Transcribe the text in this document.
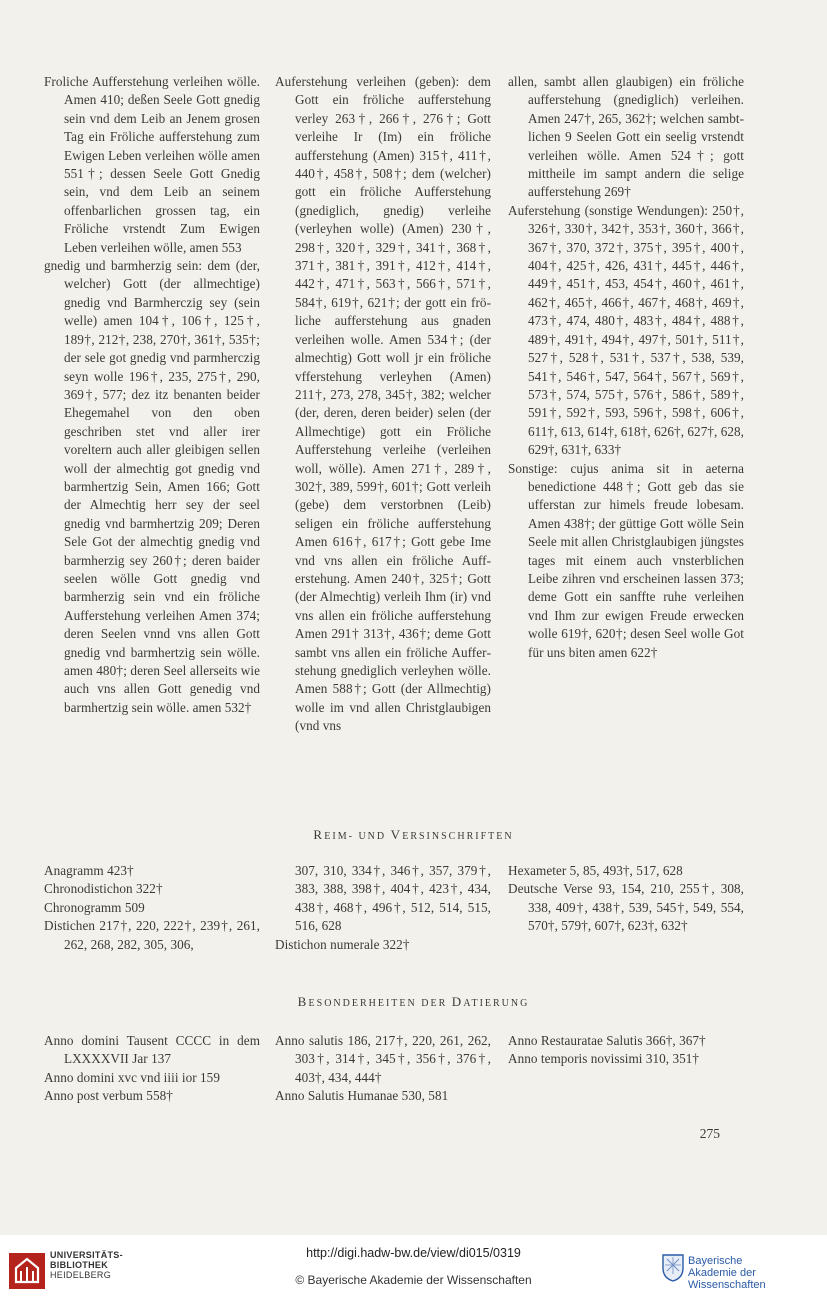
Froliche Aufferstehung verleihen wölle. Amen 410; deßen Seele Gott gnedig sein vnd dem Leib an Jenem grosen Tag ein Fröliche aufferstehung zum Ewigen Leben verleihen wölle amen 551†; dessen Seele Gott Gnedig sein, vnd dem Leib an seinem offenbarlichen grossen tag, ein Fröliche vrstendt Zum Ewigen Leben verleihen wölle, amen 553

gnedig und barmherzig sein: dem (der, welcher) Gott (der allmechtige) gnedig vnd Barmherczig sey (sein welle) amen 104†, 106†, 125†, 189†, 212†, 238, 270†, 361†, 535†; der sele got gnedig vnd parmherczig seyn wolle 196†, 235, 275†, 290, 369†, 577; dez itz benanten beider Ehegemahel von den oben geschriben stet vnd aller irer voreltern auch aller gleibigen sellen woll der almechtig got gnedig vnd barmhertzig Sein, Amen 166; Gott der Almechtig herr sey der seel gnedig vnd barmhertzig 209; Deren Sele Got der almechtig gnedig vnd barmherzig sey 260†; deren baider seelen wölle Gott gnedig vnd barmherzig sein vnd ein fröliche Aufferstehung verleihen Amen 374; deren Seelen vnnd vns allen Gott gnedig vnd barmhertzig sein wölle. amen 480†; deren Seel allerseits wie auch vns allen Gott genedig vnd barmhertzig sein wölle. amen 532†

Auferstehung verleihen (geben): dem Gott ein fröliche aufferstehung verley 263†, 266†, 276†; Gott verleihe Ir (Im) ein fröliche aufferstehung (Amen) 315†, 411†, 440†, 458†, 508†; dem (welcher) gott ein fröliche Aufferstehung (gnediglich, gnedig) verleihe (verleyhen wolle) (Amen) 230†, 298†, 320†, 329†, 341†, 368†, 371†, 381†, 391†, 412†, 414†, 442†, 471†, 563†, 566†, 571†, 584†, 619†, 621†; der gott ein fröliche aufferstehung aus gnaden verleihen wolle. Amen 534†; (der almechtig) Gott woll jr ein fröliche vfferstehung verleyhen (Amen) 211†, 273, 278, 345†, 382; welcher (der, deren, deren beider) selen (der Allmechtige) gott ein Fröliche Aufferstehung verleihe (verleihen woll, wölle). Amen 271†, 289†, 302†, 389, 599†, 601†; Gott verleih (gebe) dem verstorbnen (Leib) seligen ein fröliche aufferstehung Amen 616†, 617†; Gott gebe Ime vnd vns allen ein fröliche Aufferstehung. Amen 240†, 325†; Gott (der Almechtig) verleih Ihm (ir) vnd vns allen ein fröliche aufferstehung Amen 291† 313†, 436†; deme Gott sambt vns allen ein fröliche Aufferstehung gnediglich verleyhen wölle. Amen 588†; Gott (der Allmechtig) wolle im vnd allen Christglaubigen (vnd vns

allen, sambt allen glaubigen) ein fröliche aufferstehung (gnediglich) verleihen. Amen 247†, 265, 362†; welchen sambtlichen 9 Seelen Gott ein seelig vrstendt verleihen wölle. Amen 524†; gott mittheile im sampt andern die selige aufferstehung 269†

Auferstehung (sonstige Wendungen): 250†, 326†, 330†, 342†, 353†, 360†, 366†, 367†, 370, 372†, 375†, 395†, 400†, 404†, 425†, 426, 431†, 445†, 446†, 449†, 451†, 453, 454†, 460†, 461†, 462†, 465†, 466†, 467†, 468†, 469†, 473†, 474, 480†, 483†, 484†, 488†, 489†, 491†, 494†, 497†, 501†, 511†, 527†, 528†, 531†, 537†, 538, 539, 541†, 546†, 547, 564†, 567†, 569†, 573†, 574, 575†, 576†, 586†, 589†, 591†, 592†, 593, 596†, 598†, 606†, 611†, 613, 614†, 618†, 626†, 627†, 628, 629†, 631†, 633†

Sonstige: cujus anima sit in aeterna benedictione 448†; Gott geb das sie ufferstan zur himels freude lobesam. Amen 438†; der güttige Gott wölle Sein Seele mit allen Christglaubigen jüngstes tages mit einem auch vnsterblichen Leibe zihren vnd erscheinen lassen 373; deme Gott ein sanffte ruhe verleihen vnd Ihm zur ewigen Freude erwecken wolle 619†, 620†; desen Seel wolle Got für uns biten amen 622†

REIM- UND VERSINSCHRIFTEN

Anagramm 423†

Chronodistichon 322†

Chronogramm 509

Distichen 217†, 220, 222†, 239†, 261, 262, 268, 282, 305, 306,

307, 310, 334†, 346†, 357, 379†, 383, 388, 398†, 404†, 423†, 434, 438†, 468†, 496†, 512, 514, 515, 516, 628

Distichon numerale 322†

Hexameter 5, 85, 493†, 517, 628

Deutsche Verse 93, 154, 210, 255†, 308, 338, 409†, 438†, 539, 545†, 549, 554, 570†, 579†, 607†, 623†, 632†

BESONDERHEITEN DER DATIERUNG

Anno domini Tausent CCCC in dem LXXXXVII Jar 137

Anno domini xvc vnd iiii ior 159

Anno post verbum 558†

Anno salutis 186, 217†, 220, 261, 262, 303†, 314†, 345†, 356†, 376†, 403†, 434, 444†

Anno Salutis Humanae 530, 581

Anno Restauratae Salutis 366†, 367†

Anno temporis novissimi 310, 351†

275
UNIVERSITÄTS-
BIBLIOTHEK
HEIDELBERG
http://digi.hadw-bw.de/view/di015/0319
© Bayerische Akademie der Wissenschaften
Bayerische
Akademie der Wissenschaften
